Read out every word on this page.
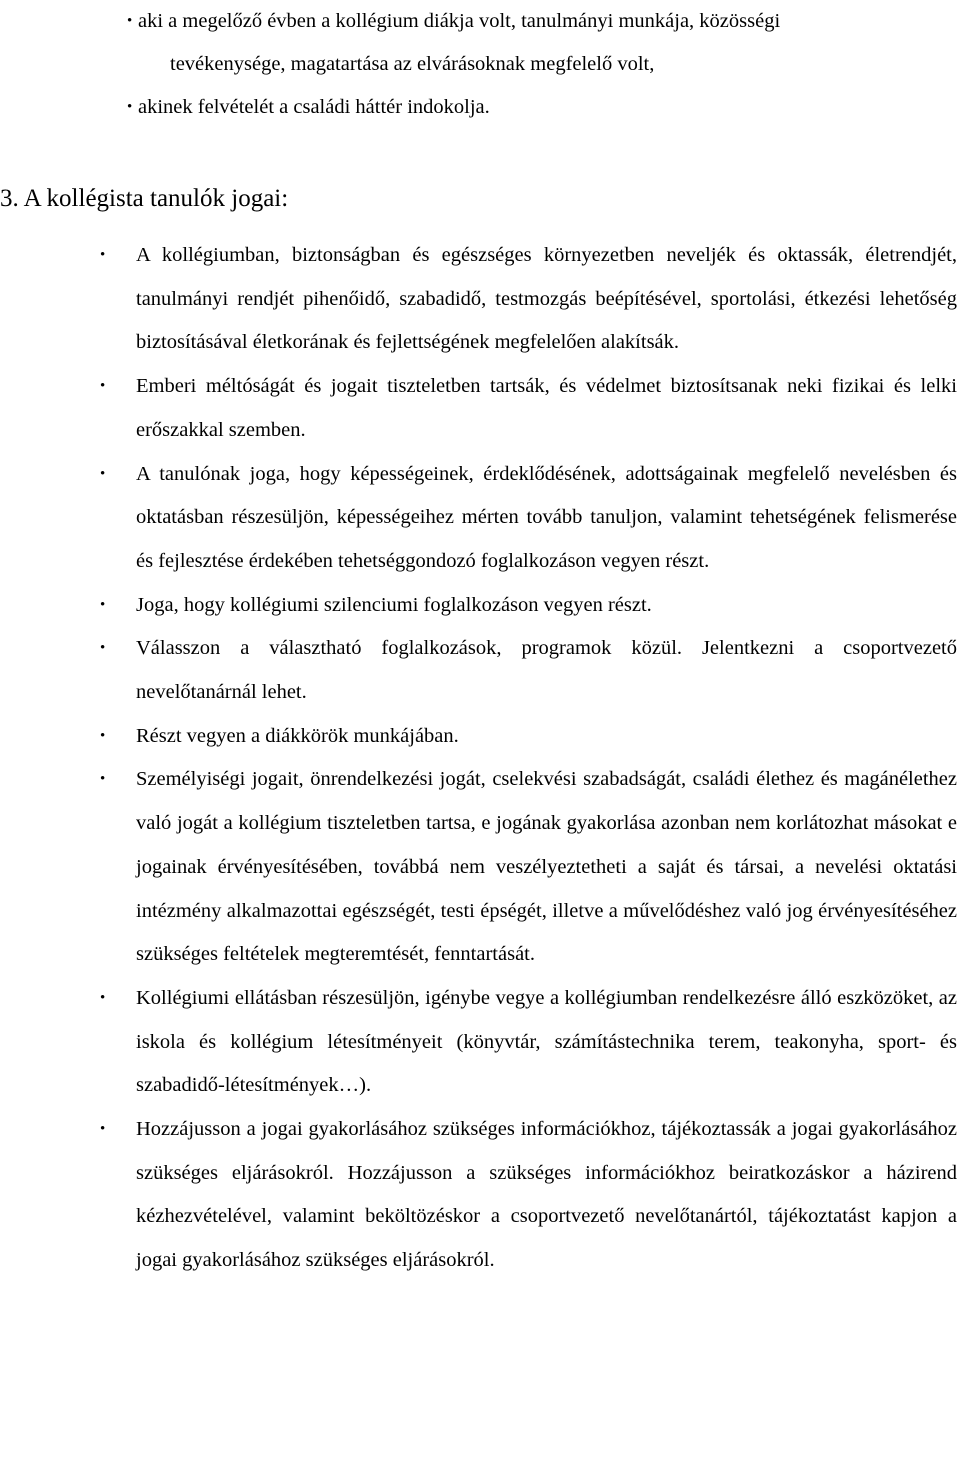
• aki a megelőző évben a kollégium diákja volt, tanulmányi munkája, közösségi
tevékenysége, magatartása az elvárásoknak megfelelő volt,
• akinek felvételét a családi háttér indokolja.
3. A kollégista tanulók jogai:
• A kollégiumban, biztonságban és egészséges környezetben neveljék és oktassák, életrendjét, tanulmányi rendjét pihenőidő, szabadidő, testmozgás beépítésével, sportolási, étkezési lehetőség biztosításával életkorának és fejlettségének megfelelően alakítsák.
• Emberi méltóságát és jogait tiszteletben tartsák, és védelmet biztosítsanak neki fizikai és lelki erőszakkal szemben.
• A tanulónak joga, hogy képességeinek, érdeklődésének, adottságainak megfelelő nevelésben és oktatásban részesüljön, képességeihez mérten tovább tanuljon, valamint tehetségének felismerése és fejlesztése érdekében tehetséggondozó foglalkozáson vegyen részt.
• Joga, hogy kollégiumi szilenciumi foglalkozáson vegyen részt.
• Válasszon a választható foglalkozások, programok közül. Jelentkezni a csoportvezető nevelőtanárnál lehet.
• Részt vegyen a diákkörök munkájában.
• Személyiségi jogait, önrendelkezési jogát, cselekvési szabadságát, családi élethez és magánélethez való jogát a kollégium tiszteletben tartsa, e jogának gyakorlása azonban nem korlátozhat másokat e jogainak érvényesítésében, továbbá nem veszélyeztetheti a saját és társai, a nevelési oktatási intézmény alkalmazottai egészségét, testi épségét, illetve a művelődéshez való jog érvényesítéséhez szükséges feltételek megteremtését, fenntartását.
• Kollégiumi ellátásban részesüljön, igénybe vegye a kollégiumban rendelkezésre álló eszközöket, az iskola és kollégium létesítményeit (könyvtár, számítástechnika terem, teakonyha, sport- és szabadidő-létesítmények…).
• Hozzájusson a jogai gyakorlásához szükséges információkhoz, tájékoztassák a jogai gyakorlásához szükséges eljárásokról. Hozzájusson a szükséges információkhoz beiratkozáskor a házirend kézhezvételével, valamint beköltözéskor a csoportvezető nevelőtanártól, tájékoztatást kapjon a jogai gyakorlásához szükséges eljárásokról.
